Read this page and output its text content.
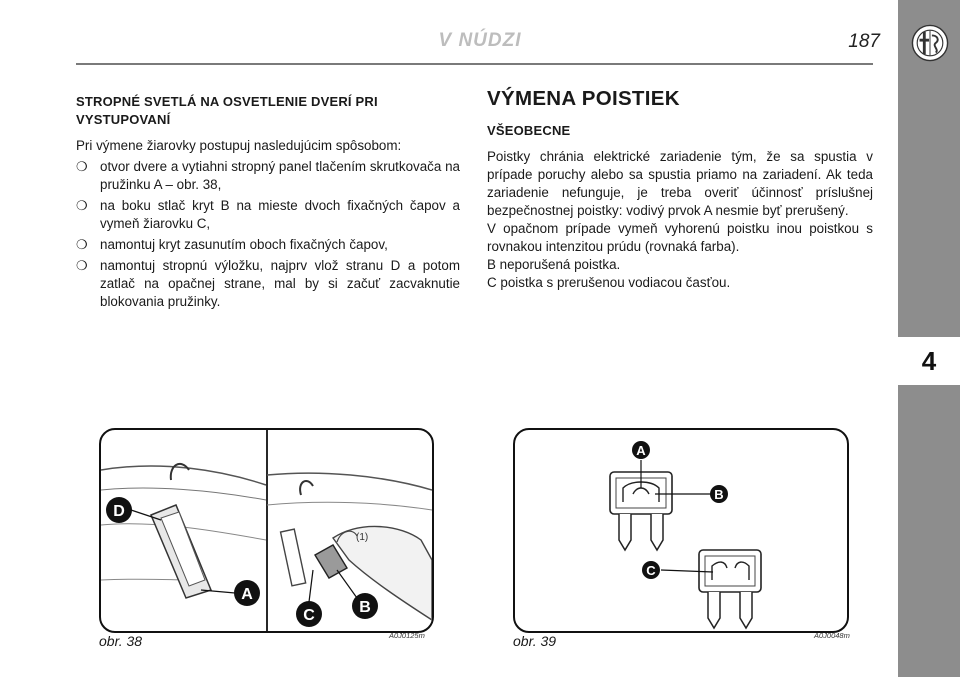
V NÚDZI	187
4

STROPNÉ SVETLÁ NA OSVETLENIE DVERÍ PRI VYSTUPOVANÍ

Pri výmene žiarovky postupuj nasledujúcim spôsobom:

❍ otvor dvere a vytiahni stropný panel tlačením skrutkovača na pružinku A – obr. 38,
❍ na boku stlač kryt B na mieste dvoch fixačných čapov a vymeň žiarovku C,
❍ namontuj kryt zasunutím oboch fixačných čapov,
❍ namontuj stropnú výložku, najprv vlož stranu D a potom zatlač na opačnej strane, mal by si začuť zacvaknutie blokovania pružinky.

VÝMENA POISTIEK

VŠEOBECNE

Poistky chránia elektrické zariadenie tým, že sa spustia v prípade poruchy alebo sa spustia priamo na zariadení. Ak teda zariadenie nefunguje, je treba overiť účinnosť príslušnej bezpečnostnej poistky: vodivý prvok A nesmie byť prerušený.

V opačnom prípade vymeň vyhorenú poistku inou poistkou s rovnakou intenzitou prúdu (rovnaká farba).

B neporušená poistka.

C poistka s prerušenou vodiacou časťou.

(1)
D
A
C	B
obr. 38	A0J0125m
A
B
C
obr. 39	A0J0048m
